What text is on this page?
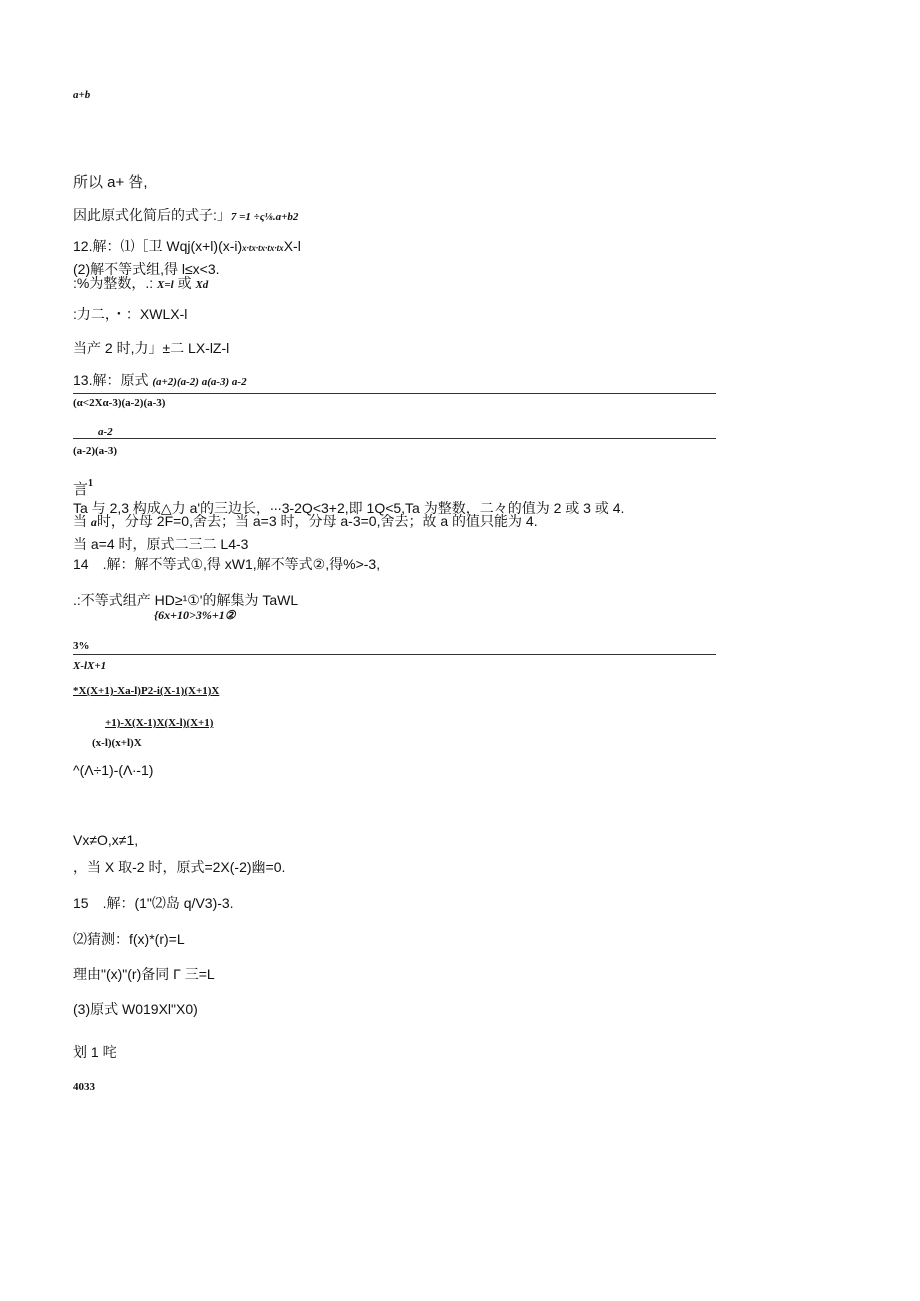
a+b
所以 a+ 咎,
因此原式化简后的式子:」7 =1 ÷ς⅛.a+b2
12.解：⑴［卫 Wqj(x+l)(x-i)x·tx·tx·tx·txX-l
(2)解不等式组,得 l≤x<3.
:%为整数，.: X=l 或 Xd
:力二，・：XWLX-l
当产 2 时,力」±二 LX-lZ-l
13.解：原式 (a+2)(a-2) a(a-3) a-2
(α<2Xα-3)(a-2)(a-3)
a-2
(a-2)(a-3)
言$^1$
Ta 与 2,3 构成△力 a'的三边长，∙∙∙3-2Q<3+2,即 1Q<5,Ta 为整数，二々的值为 2 或 3 或 4.
当 a时，分母 2F=0,舍去；当 a=3 时，分母 a-3=0,舍去；故 a 的值只能为 4.
当 a=4 时，原式二三二 L4-3
14　.解：解不等式①,得 xW1,解不等式②,得%>-3,
.:不等式组产 HD≥¹①'的解集为 TaWL
{6x+10>3%+1②
3%
X-lX+1
*X(X+1)-Xa-l)P2-i(X-1)(X+1)X
+1)-X(X-1)X(X-l)(X+1)
(x-l)(x+l)X
^(Λ÷1)-(Λ∙-1)
Vx≠O,x≠1,
，当 X 取-2 时，原式=2X(-2)幽=0.
15　.解：(1"⑵岛 q/V3)-3.
⑵猜测：f(x)*(r)=L
理由"(x)"(r)备同 Γ 三=L
(3)原式 W019Xl"X0)
划 1 咤
4033
